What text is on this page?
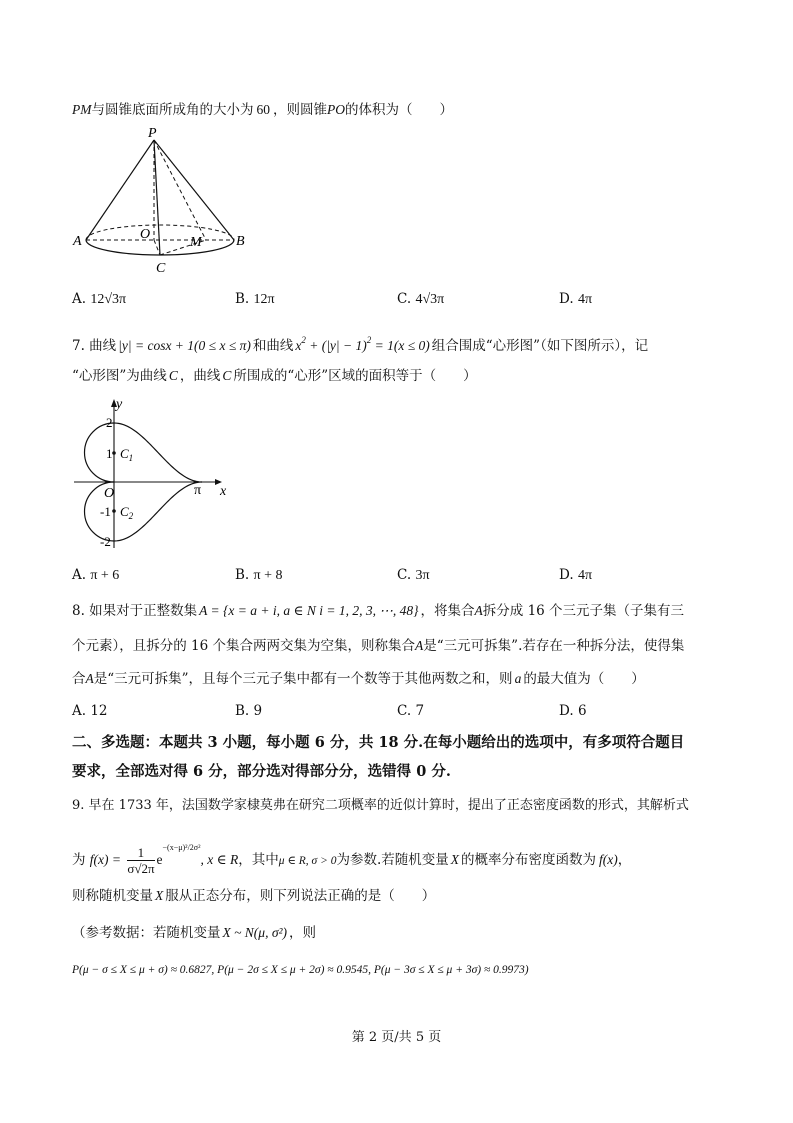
PM与圆锥底面所成角的大小为 60 ，则圆锥PO的体积为（　　）
P
A	B
O
M
C
A. 12√3π	B. 12π	C. 4√3π	D. 4π
7. 曲线 |y| = cosx + 1(0 ≤ x ≤ π) 和曲线 $x^2 + (|y| - 1)^2 = 1(x \le 0)$ 组合围成“心形图”（如下图所示），记
“心形图”为曲线 C ，曲线 C 所围成的“心形”区域的面积等于（　　）
y
x
2
1
O
-1
-2
π
$C_1$
$C_2$
A. π + 6	B. π + 8	C. 3π	D. 4π
8. 如果对于正整数集 A = {x = a + i, a ∈ N i = 1, 2, 3, ⋯, 48} ，将集合A拆分成 16 个三元子集（子集有三
个元素），且拆分的 16 个集合两两交集为空集，则称集合A是“三元可拆集”.若存在一种拆分法，使得集
合A是“三元可拆集”，且每个三元子集中都有一个数等于其他两数之和，则 a 的最大值为（　　）
A. 12	B. 9	C. 7	D. 6
二、多选题：本题共 3 小题，每小题 6 分，共 18 分.在每小题给出的选项中，有多项符合题目
要求，全部选对得 6 分，部分选对得部分分，选错得 0 分.
9. 早在 1733 年，法国数学家棣莫弗在研究二项概率的近似计算时，提出了正态密度函数的形式，其解析式
为 $f(x) = \frac{1}{\sigma√2\pi} e^{-(x-\mu)^2/2\sigma^2}$, x ∈ R，其中μ ∈ R, σ > 0为参数.若随机变量 X 的概率分布密度函数为 f(x)，
则称随机变量 X 服从正态分布，则下列说法正确的是（　　）
（参考数据：若随机变量 X ~ N(μ, σ²) ，则
P(μ − σ ≤ X ≤ μ + σ) ≈ 0.6827, P(μ − 2σ ≤ X ≤ μ + 2σ) ≈ 0.9545, P(μ − 3σ ≤ X ≤ μ + 3σ) ≈ 0.9973)
第 2 页/共 5 页
